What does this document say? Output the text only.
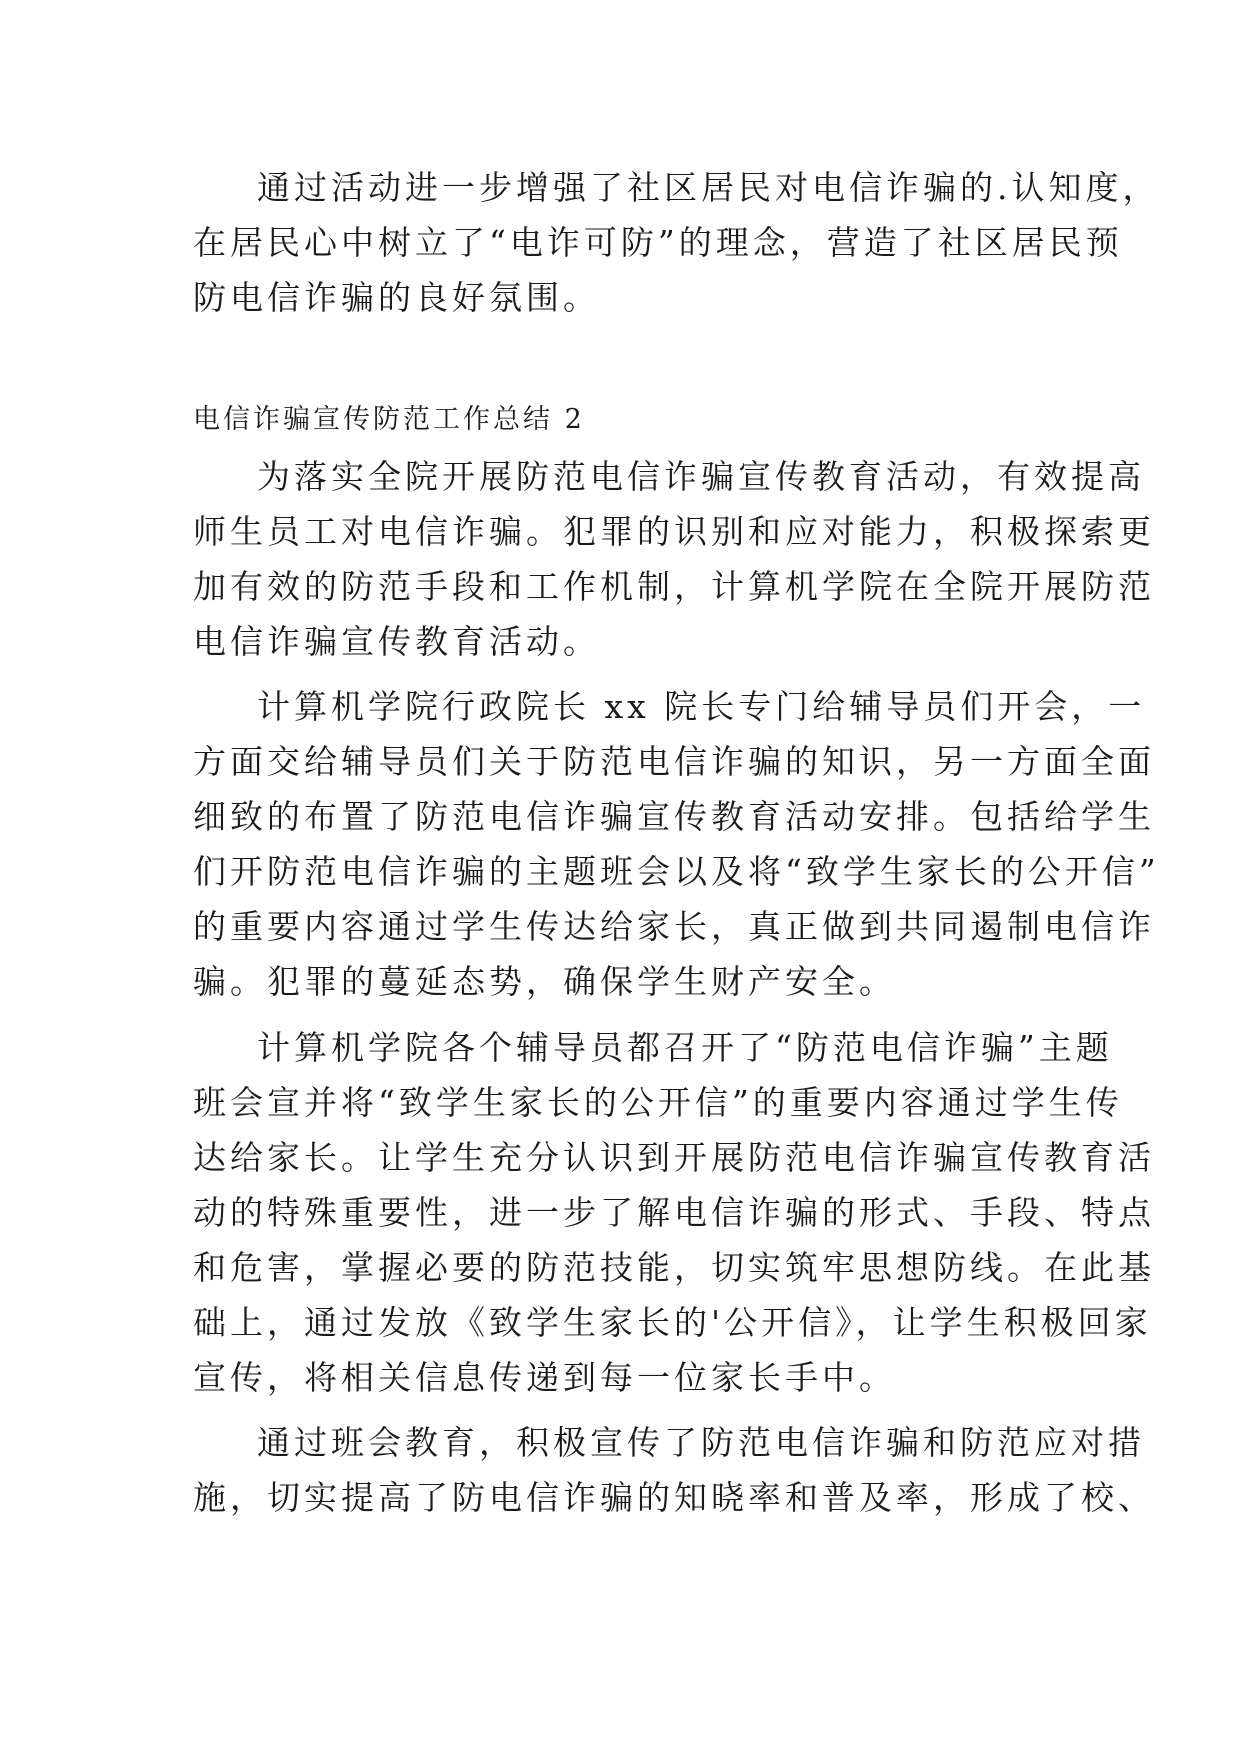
通过活动进一步增强了社区居民对电信诈骗的.认知度，
在居民心中树立了“电诈可防”的理念，营造了社区居民预
防电信诈骗的良好氛围。
电信诈骗宣传防范工作总结 2
为落实全院开展防范电信诈骗宣传教育活动，有效提高
师生员工对电信诈骗。犯罪的识别和应对能力，积极探索更
加有效的防范手段和工作机制，计算机学院在全院开展防范
电信诈骗宣传教育活动。
计算机学院行政院长 xx 院长专门给辅导员们开会，一
方面交给辅导员们关于防范电信诈骗的知识，另一方面全面
细致的布置了防范电信诈骗宣传教育活动安排。包括给学生
们开防范电信诈骗的主题班会以及将“致学生家长的公开信”
的重要内容通过学生传达给家长，真正做到共同遏制电信诈
骗。犯罪的蔓延态势，确保学生财产安全。
计算机学院各个辅导员都召开了“防范电信诈骗”主题
班会宣并将“致学生家长的公开信”的重要内容通过学生传
达给家长。让学生充分认识到开展防范电信诈骗宣传教育活
动的特殊重要性，进一步了解电信诈骗的形式、手段、特点
和危害，掌握必要的防范技能，切实筑牢思想防线。在此基
础上，通过发放《致学生家长的'公开信》，让学生积极回家
宣传，将相关信息传递到每一位家长手中。
通过班会教育，积极宣传了防范电信诈骗和防范应对措
施，切实提高了防电信诈骗的知晓率和普及率，形成了校、
